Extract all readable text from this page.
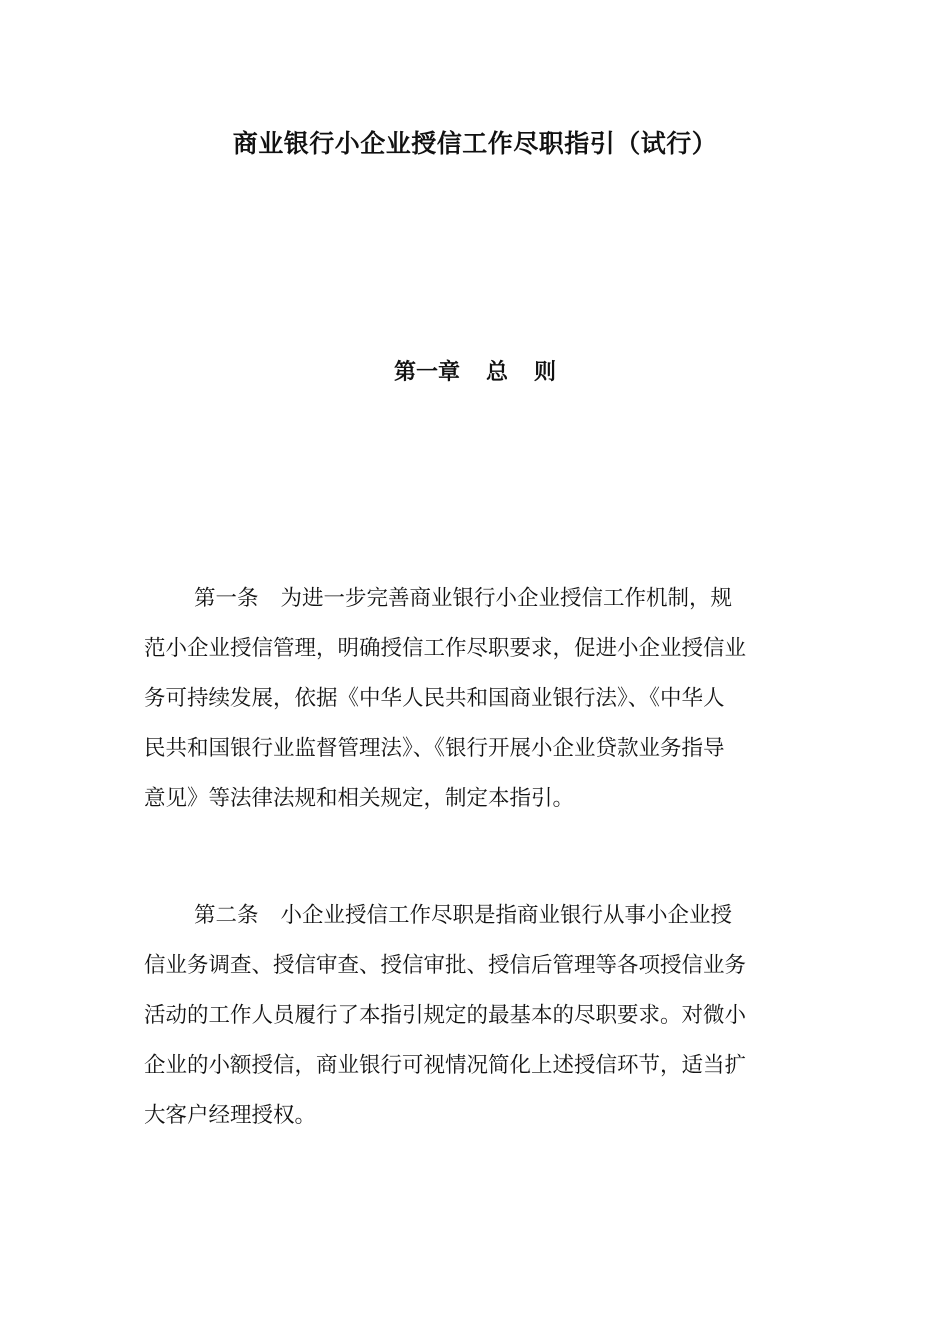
商业银行小企业授信工作尽职指引（试行）
第一章 总 则
第一条 为进一步完善商业银行小企业授信工作机制，规
范小企业授信管理，明确授信工作尽职要求，促进小企业授信业
务可持续发展，依据《中华人民共和国商业银行法》、《中华人
民共和国银行业监督管理法》、《银行开展小企业贷款业务指导
意见》等法律法规和相关规定，制定本指引。
第二条 小企业授信工作尽职是指商业银行从事小企业授
信业务调查、授信审查、授信审批、授信后管理等各项授信业务
活动的工作人员履行了本指引规定的最基本的尽职要求。对微小
企业的小额授信，商业银行可视情况简化上述授信环节，适当扩
大客户经理授权。
